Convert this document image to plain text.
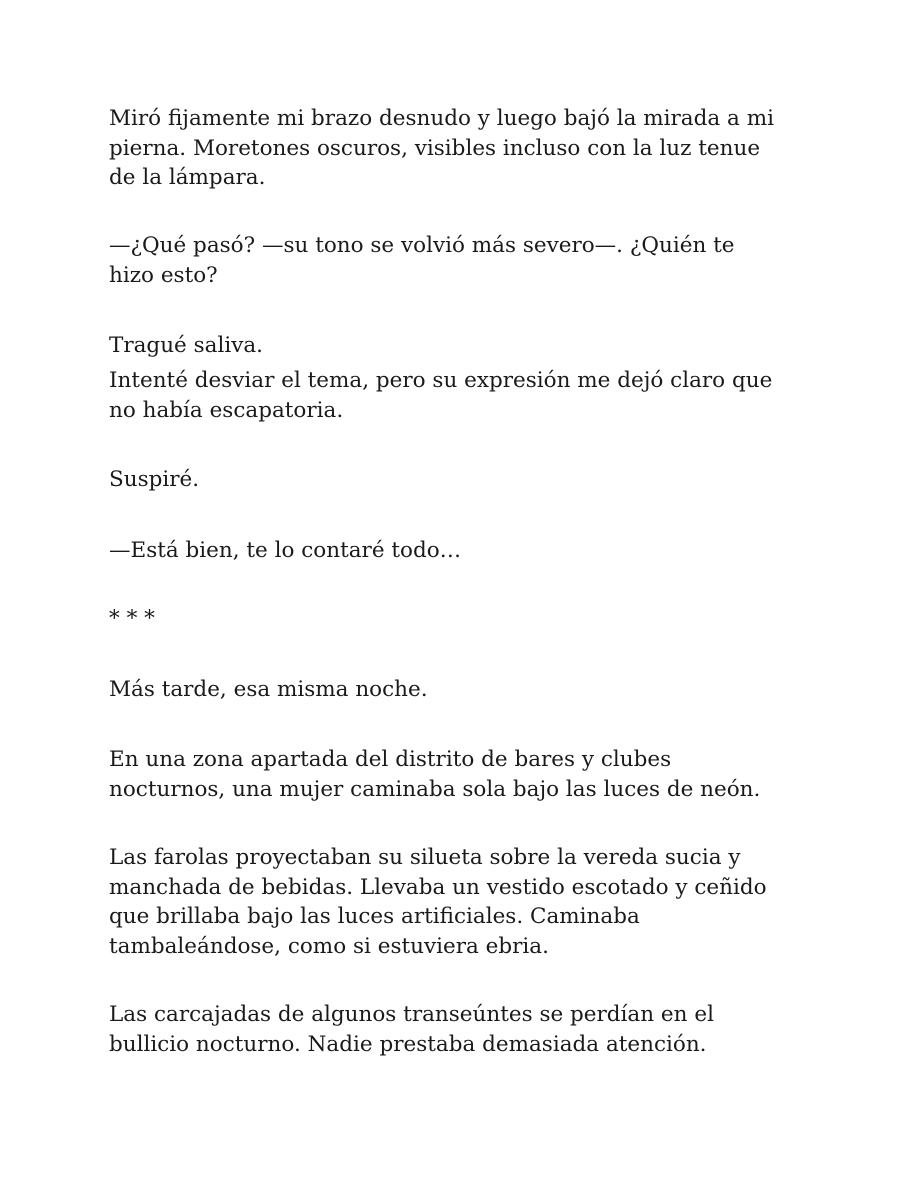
Miró fijamente mi brazo desnudo y luego bajó la mirada a mi
pierna. Moretones oscuros, visibles incluso con la luz tenue
de la lámpara.

—¿Qué pasó? —su tono se volvió más severo—. ¿Quién te
hizo esto?

Tragué saliva.

Intenté desviar el tema, pero su expresión me dejó claro que
no había escapatoria.

Suspiré.

—Está bien, te lo contaré todo…

* * *

Más tarde, esa misma noche.

En una zona apartada del distrito de bares y clubes
nocturnos, una mujer caminaba sola bajo las luces de neón.

Las farolas proyectaban su silueta sobre la vereda sucia y
manchada de bebidas. Llevaba un vestido escotado y ceñido
que brillaba bajo las luces artificiales. Caminaba
tambaleándose, como si estuviera ebria.

Las carcajadas de algunos transeúntes se perdían en el
bullicio nocturno. Nadie prestaba demasiada atención.
